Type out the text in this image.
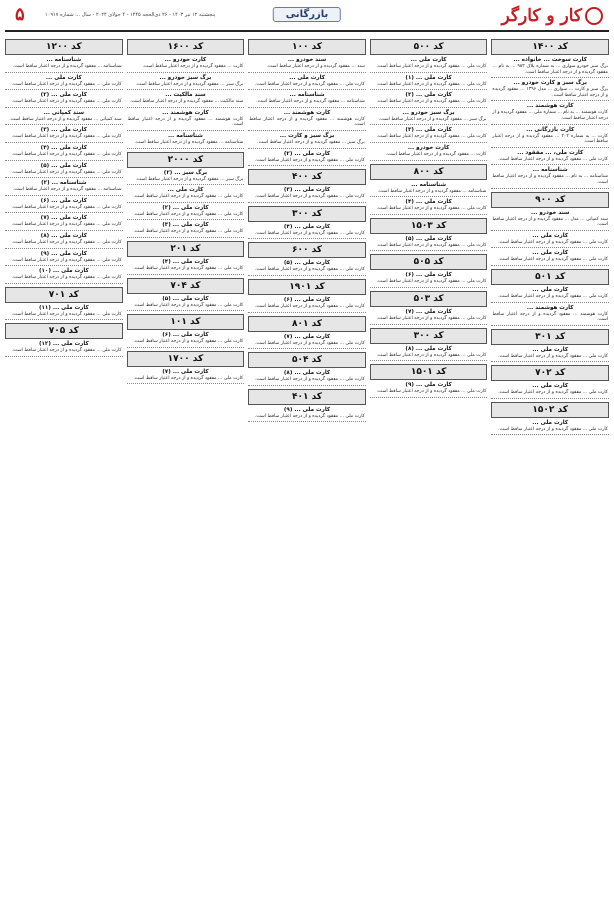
کار و کارگر
بازرگانی
۵	پنجشنبه ۱۲ تیر ۱۴۰۳ - ۲۶ ذی‌الحجه ۱۴۴۵ - ۴ جولای ۲۰۲۴ - سال ... شماره ۱۰۹۱۷
کد ۱۴۰۰
کارت سوخت ... خانواده ...
برگ سبز خودرو سواری ... به شماره پلاک ۹۸۲ ... به نام ... مفقود گردیده و از درجه اعتبار ساقط است.
برگ سبز و کارت خودرو ...
برگ سبز و کارت ... سواری ... مدل ۱۳۹۶ ... مفقود گردیده و از درجه اعتبار ساقط است.
کارت هوشمند ...
کارت هوشمند ... به نام ... شماره ملی ... مفقود گردیده و از درجه اعتبار ساقط است.
کارت بازرگانی ...
کارت ... به شماره ۲۰۲ ... مفقود گردیده و از درجه اعتبار ساقط است.
کارت ملی، ... مفقود ...
کارت ملی ... مفقود گردیده و از درجه اعتبار ساقط است.
شناسنامه ...
شناسنامه ... به نام ... مفقود گردیده و از درجه اعتبار ساقط است.
کد ۹۰۰
سند خودرو ...
سند کمپانی ... مدل ... مفقود گردیده و از درجه اعتبار ساقط است.
کارت ملی ...
کارت ملی ... مفقود گردیده و از درجه اعتبار ساقط است.
کارت ملی ...
کارت ملی ... مفقود گردیده و از درجه اعتبار ساقط است.
کد ۵۰۱
کارت ملی ...
کارت ملی ... مفقود گردیده و از درجه اعتبار ساقط است.
کارت هوشمند ...
کارت هوشمند ... مفقود گردیده و از درجه اعتبار ساقط است.
کد ۳۰۱
کارت ملی ...
کارت ملی ... مفقود گردیده و از درجه اعتبار ساقط است.
کد ۷۰۲
کارت ملی ...
کارت ملی ... مفقود گردیده و از درجه اعتبار ساقط است.
کد ۱۵۰۲
کارت ملی ...
کارت ملی ... مفقود گردیده و از درجه اعتبار ساقط است.
کد ۵۰۰
کارت ملی ...
کارت ملی ... مفقود گردیده و از درجه اعتبار ساقط است.
کارت ملی ... (۱)
کارت ملی ... مفقود گردیده و از درجه اعتبار ساقط است.
کارت ملی ... (۲)
کارت ملی ... مفقود گردیده و از درجه اعتبار ساقط است.
برگ سبز خودرو ...
برگ سبز ... مفقود گردیده و از درجه اعتبار ساقط است.
کارت ملی ... (۳)
کارت ملی ... مفقود گردیده و از درجه اعتبار ساقط است.
کارت خودرو ...
کارت ... مفقود گردیده و از درجه اعتبار ساقط است.
کد ۸۰۰
شناسنامه ...
شناسنامه ... مفقود گردیده و از درجه اعتبار ساقط است.
کارت ملی ... (۴)
کارت ملی ... مفقود گردیده و از درجه اعتبار ساقط است.
کد ۱۵۰۳
کارت ملی ... (۵)
کارت ملی ... مفقود گردیده و از درجه اعتبار ساقط است.
کد ۵۰۵
کارت ملی ... (۶)
کارت ملی ... مفقود گردیده و از درجه اعتبار ساقط است.
کد ۵۰۳
کارت ملی ... (۷)
کارت ملی ... مفقود گردیده و از درجه اعتبار ساقط است.
کد ۳۰۰
کارت ملی ... (۸)
کارت ملی ... مفقود گردیده و از درجه اعتبار ساقط است.
کد ۱۵۰۱
کارت ملی ... (۹)
کارت ملی ... مفقود گردیده و از درجه اعتبار ساقط است.
کد ۱۰۰
سند خودرو ...
سند ... مفقود گردیده و از درجه اعتبار ساقط است.
کارت ملی ...
کارت ملی ... مفقود گردیده و از درجه اعتبار ساقط است.
شناسنامه ...
شناسنامه ... مفقود گردیده و از درجه اعتبار ساقط است.
کارت هوشمند ...
کارت هوشمند ... مفقود گردیده و از درجه اعتبار ساقط است.
برگ سبز و کارت ...
برگ سبز ... مفقود گردیده و از درجه اعتبار ساقط است.
کارت ملی ... (۲)
کارت ملی ... مفقود گردیده و از درجه اعتبار ساقط است.
کد ۴۰۰
کارت ملی ... (۳)
کارت ملی ... مفقود گردیده و از درجه اعتبار ساقط است.
کد ۳۰۰
کارت ملی ... (۴)
کارت ملی ... مفقود گردیده و از درجه اعتبار ساقط است.
کد ۶۰۰
کارت ملی ... (۵)
کارت ملی ... مفقود گردیده و از درجه اعتبار ساقط است.
کد ۱۹۰۱
کارت ملی ... (۶)
کارت ملی ... مفقود گردیده و از درجه اعتبار ساقط است.
کد ۸۰۱
کارت ملی ... (۷)
کارت ملی ... مفقود گردیده و از درجه اعتبار ساقط است.
کد ۵۰۴
کارت ملی ... (۸)
کارت ملی ... مفقود گردیده و از درجه اعتبار ساقط است.
کد ۴۰۱
کارت ملی ... (۹)
کارت ملی ... مفقود گردیده و از درجه اعتبار ساقط است.
کد ۱۶۰۰
کارت خودرو ...
کارت ... مفقود گردیده و از درجه اعتبار ساقط است.
برگ سبز خودرو ...
برگ سبز ... مفقود گردیده و از درجه اعتبار ساقط است.
سند مالکیت ...
سند مالکیت ... مفقود گردیده و از درجه اعتبار ساقط است.
کارت هوشمند ...
کارت هوشمند ... مفقود گردیده و از درجه اعتبار ساقط است.
شناسنامه ...
شناسنامه ... مفقود گردیده و از درجه اعتبار ساقط است.
کد ۲۰۰۰
برگ سبز ... (۲)
برگ سبز ... مفقود گردیده و از درجه اعتبار ساقط است.
کارت ملی ...
کارت ملی ... مفقود گردیده و از درجه اعتبار ساقط است.
کارت ملی ... (۲)
کارت ملی ... مفقود گردیده و از درجه اعتبار ساقط است.
کارت ملی ... (۳)
کارت ملی ... مفقود گردیده و از درجه اعتبار ساقط است.
کد ۲۰۱
کارت ملی ... (۴)
کارت ملی ... مفقود گردیده و از درجه اعتبار ساقط است.
کد ۷۰۴
کارت ملی ... (۵)
کارت ملی ... مفقود گردیده و از درجه اعتبار ساقط است.
کد ۱۰۱
کارت ملی ... (۶)
کارت ملی ... مفقود گردیده و از درجه اعتبار ساقط است.
کد ۱۷۰۰
کارت ملی ... (۷)
کارت ملی ... مفقود گردیده و از درجه اعتبار ساقط است.
کد ۱۲۰۰
شناسنامه ...
شناسنامه ... مفقود گردیده و از درجه اعتبار ساقط است.
کارت ملی ...
کارت ملی ... مفقود گردیده و از درجه اعتبار ساقط است.
کارت ملی ... (۲)
کارت ملی ... مفقود گردیده و از درجه اعتبار ساقط است.
سند کمپانی ...
سند کمپانی ... مفقود گردیده و از درجه اعتبار ساقط است.
کارت ملی ... (۳)
کارت ملی ... مفقود گردیده و از درجه اعتبار ساقط است.
کارت ملی ... (۴)
کارت ملی ... مفقود گردیده و از درجه اعتبار ساقط است.
کارت ملی ... (۵)
کارت ملی ... مفقود گردیده و از درجه اعتبار ساقط است.
شناسنامه ... (۲)
شناسنامه ... مفقود گردیده و از درجه اعتبار ساقط است.
کارت ملی ... (۶)
کارت ملی ... مفقود گردیده و از درجه اعتبار ساقط است.
کارت ملی ... (۷)
کارت ملی ... مفقود گردیده و از درجه اعتبار ساقط است.
کارت ملی ... (۸)
کارت ملی ... مفقود گردیده و از درجه اعتبار ساقط است.
کارت ملی ... (۹)
کارت ملی ... مفقود گردیده و از درجه اعتبار ساقط است.
کارت ملی ... (۱۰)
کارت ملی ... مفقود گردیده و از درجه اعتبار ساقط است.
کد ۷۰۱
کارت ملی ... (۱۱)
کارت ملی ... مفقود گردیده و از درجه اعتبار ساقط است.
کد ۷۰۵
کارت ملی ... (۱۲)
کارت ملی ... مفقود گردیده و از درجه اعتبار ساقط است.
